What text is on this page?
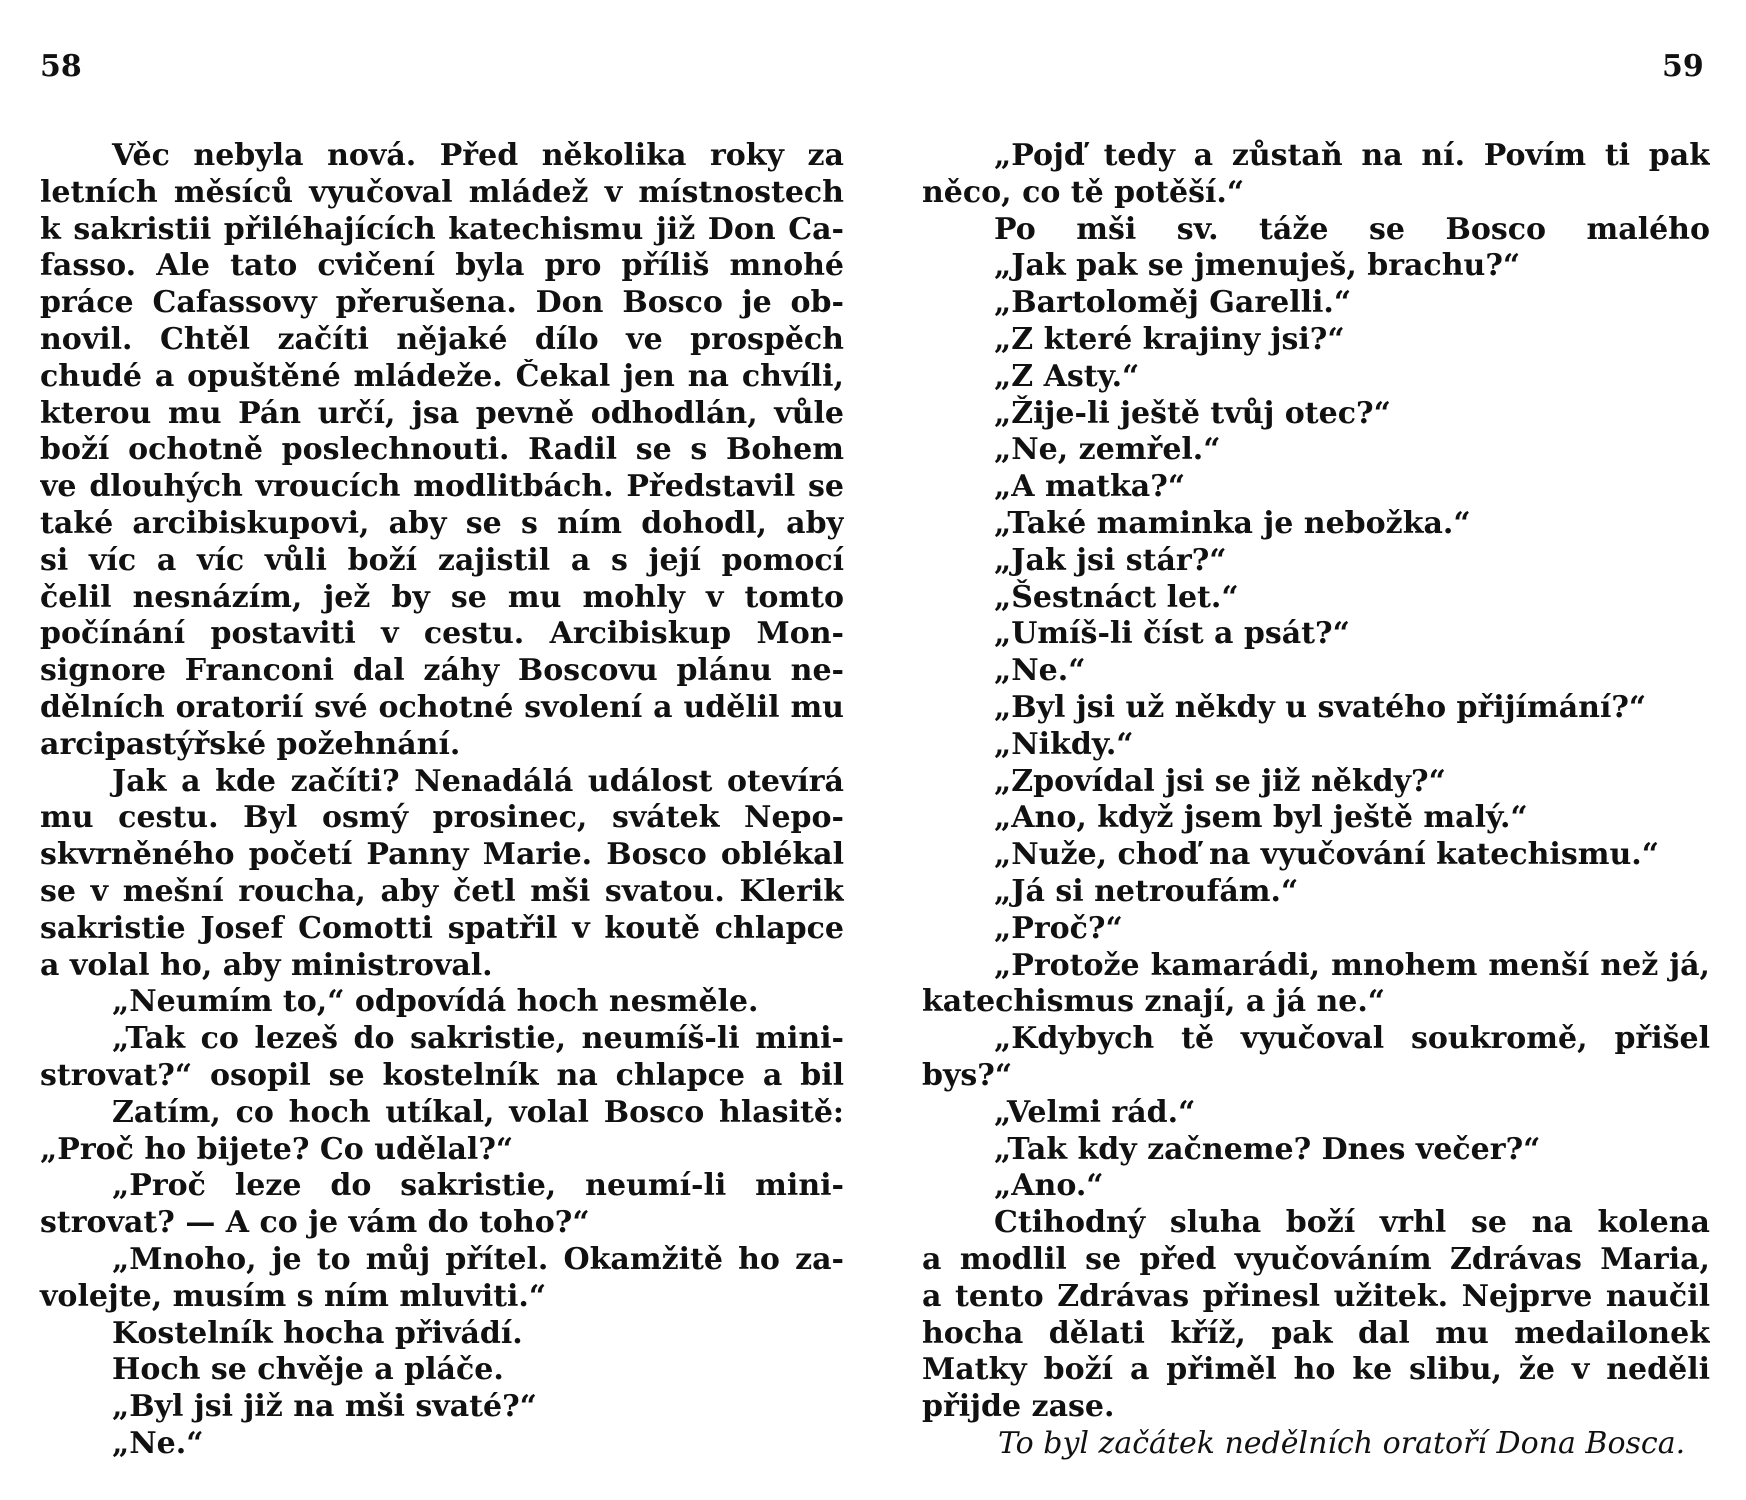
58	59
Věc nebyla nová. Před několika roky za
letních měsíců vyučoval mládež v místnostech
k sakristii přiléhajících katechismu již Don Ca-
fasso. Ale tato cvičení byla pro příliš mnohé
práce Cafassovy přerušena. Don Bosco je ob-
novil. Chtěl začíti nějaké dílo ve prospěch
chudé a opuštěné mládeže. Čekal jen na chvíli,
kterou mu Pán určí, jsa pevně odhodlán, vůle
boží ochotně poslechnouti. Radil se s Bohem
ve dlouhých vroucích modlitbách. Představil se
také arcibiskupovi, aby se s ním dohodl, aby
si víc a víc vůli boží zajistil a s její pomocí
čelil nesnázím, jež by se mu mohly v tomto
počínání postaviti v cestu. Arcibiskup Mon-
signore Franconi dal záhy Boscovu plánu ne-
dělních oratorií své ochotné svolení a udělil mu
arcipastýřské požehnání.
Jak a kde začíti? Nenadálá událost otevírá
mu cestu. Byl osmý prosinec, svátek Nepo-
skvrněného početí Panny Marie. Bosco oblékal
se v mešní roucha, aby četl mši svatou. Klerik
sakristie Josef Comotti spatřil v koutě chlapce
a volal ho, aby ministroval.
„Neumím to,“ odpovídá hoch nesměle.
„Tak co lezeš do sakristie, neumíš-li mini-
strovat?“ osopil se kostelník na chlapce a bil
Zatím, co hoch utíkal, volal Bosco hlasitě:
„Proč ho bijete? Co udělal?“
„Proč leze do sakristie, neumí-li mini-
strovat? — A co je vám do toho?“
„Mnoho, je to můj přítel. Okamžitě ho za-
volejte, musím s ním mluviti.“
Kostelník hocha přivádí.
Hoch se chvěje a pláče.
„Byl jsi již na mši svaté?“
„Ne.“
„Pojď tedy a zůstaň na ní. Povím ti pak
něco, co tě potěší.“
Po mši sv. táže se Bosco malého
„Jak pak se jmenuješ, brachu?“
„Bartoloměj Garelli.“
„Z které krajiny jsi?“
„Z Asty.“
„Žije-li ještě tvůj otec?“
„Ne, zemřel.“
„A matka?“
„Také maminka je nebožka.“
„Jak jsi stár?“
„Šestnáct let.“
„Umíš-li číst a psát?“
„Ne.“
„Byl jsi už někdy u svatého přijímání?“
„Nikdy.“
„Zpovídal jsi se již někdy?“
„Ano, když jsem byl ještě malý.“
„Nuže, choď na vyučování katechismu.“
„Já si netroufám.“
„Proč?“
„Protože kamarádi, mnohem menší než já,
katechismus znají, a já ne.“
„Kdybych tě vyučoval soukromě, přišel
bys?“
„Velmi rád.“
„Tak kdy začneme? Dnes večer?“
„Ano.“
Ctihodný sluha boží vrhl se na kolena
a modlil se před vyučováním Zdrávas Maria,
a tento Zdrávas přinesl užitek. Nejprve naučil
hocha dělati kříž, pak dal mu medailonek
Matky boží a přiměl ho ke slibu, že v neděli
přijde zase.
To byl začátek nedělních oratoří Dona Bosca.
